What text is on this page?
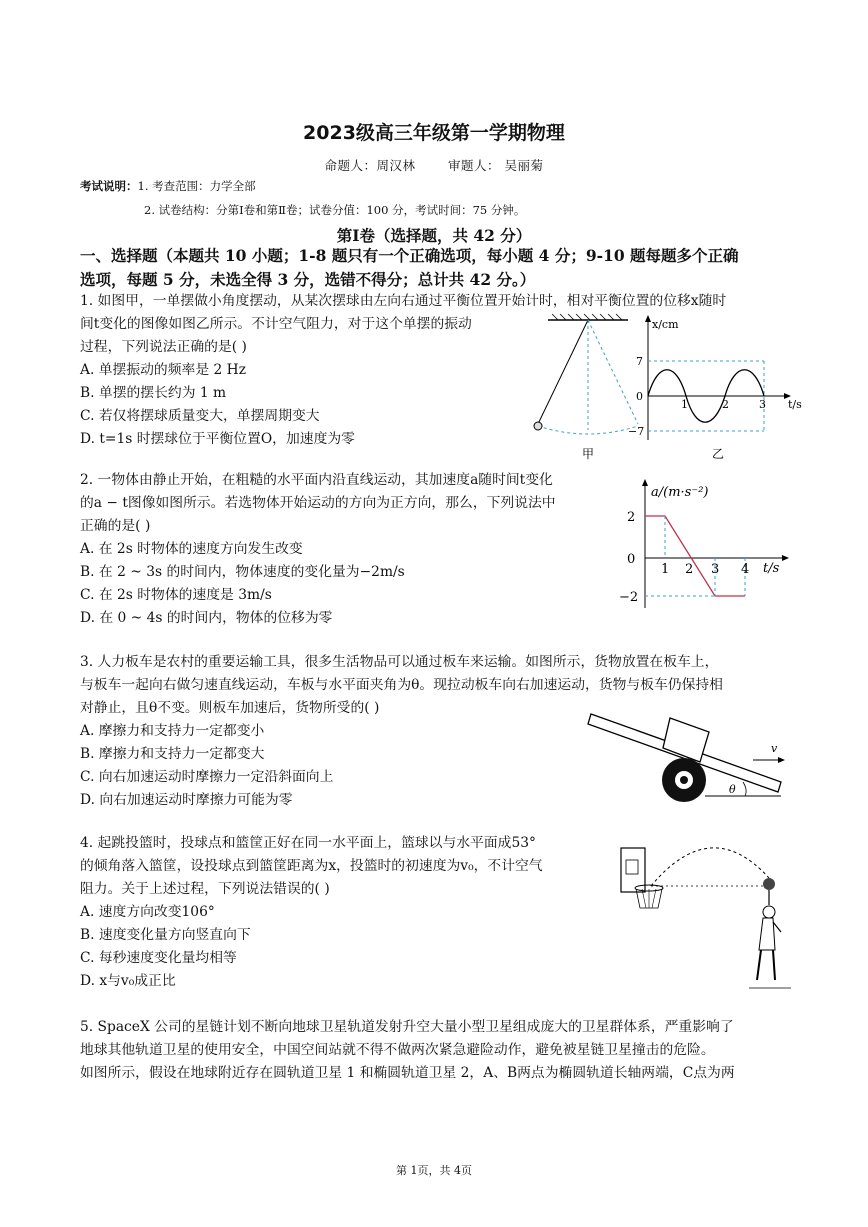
2023级高三年级第一学期物理
命题人：周汉林	审题人： 吴丽菊
考试说明：1. 考查范围：力学全部
2. 试卷结构：分第Ⅰ卷和第Ⅱ卷；试卷分值：100 分，考试时间：75 分钟。
第Ⅰ卷（选择题，共 42 分）
一、选择题（本题共 10 小题；1-8 题只有一个正确选项，每小题 4 分；9-10 题每题多个正确
选项，每题 5 分，未选全得 3 分，选错不得分；总计共 42 分。）
1. 如图甲，一单摆做小角度摆动，从某次摆球由左向右通过平衡位置开始计时，相对平衡位置的位移x随时
间t变化的图像如图乙所示。不计空气阻力，对于这个单摆的振动
过程，下列说法正确的是( )
A. 单摆振动的频率是 2 Hz
B. 单摆的摆长约为 1 m
C. 若仅将摆球质量变大，单摆周期变大
D. t=1s 时摆球位于平衡位置O，加速度为零
甲
x/cm
t/s
7
0
−7
1	2	3
乙
2. 一物体由静止开始，在粗糙的水平面内沿直线运动，其加速度a随时间t变化
的a − t图像如图所示。若选物体开始运动的方向为正方向，那么，下列说法中
正确的是( )
A. 在 2s 时物体的速度方向发生改变
B. 在 2 ~ 3s 的时间内，物体速度的变化量为−2m/s
C. 在 2s 时物体的速度是 3m/s
D. 在 0 ~ 4s 的时间内，物体的位移为零
a/(m·s⁻²)
t/s
2
0
−2
1 2 3 4
3. 人力板车是农村的重要运输工具，很多生活物品可以通过板车来运输。如图所示，货物放置在板车上，
与板车一起向右做匀速直线运动，车板与水平面夹角为θ。现拉动板车向右加速运动，货物与板车仍保持相
对静止，且θ不变。则板车加速后，货物所受的( )
A. 摩擦力和支持力一定都变小
B. 摩擦力和支持力一定都变大
C. 向右加速运动时摩擦力一定沿斜面向上
D. 向右加速运动时摩擦力可能为零
θ
v
4. 起跳投篮时，投球点和篮筐正好在同一水平面上，篮球以与水平面成53°
的倾角落入篮筐，设投球点到篮筐距离为x，投篮时的初速度为v₀，不计空气
阻力。关于上述过程，下列说法错误的( )
A. 速度方向改变106°
B. 速度变化量方向竖直向下
C. 每秒速度变化量均相等
D. x与v₀成正比
5. SpaceX 公司的星链计划不断向地球卫星轨道发射升空大量小型卫星组成庞大的卫星群体系，严重影响了
地球其他轨道卫星的使用安全，中国空间站就不得不做两次紧急避险动作，避免被星链卫星撞击的危险。
如图所示，假设在地球附近存在圆轨道卫星 1 和椭圆轨道卫星 2，A、B两点为椭圆轨道长轴两端，C点为两
第 1页，共 4页
